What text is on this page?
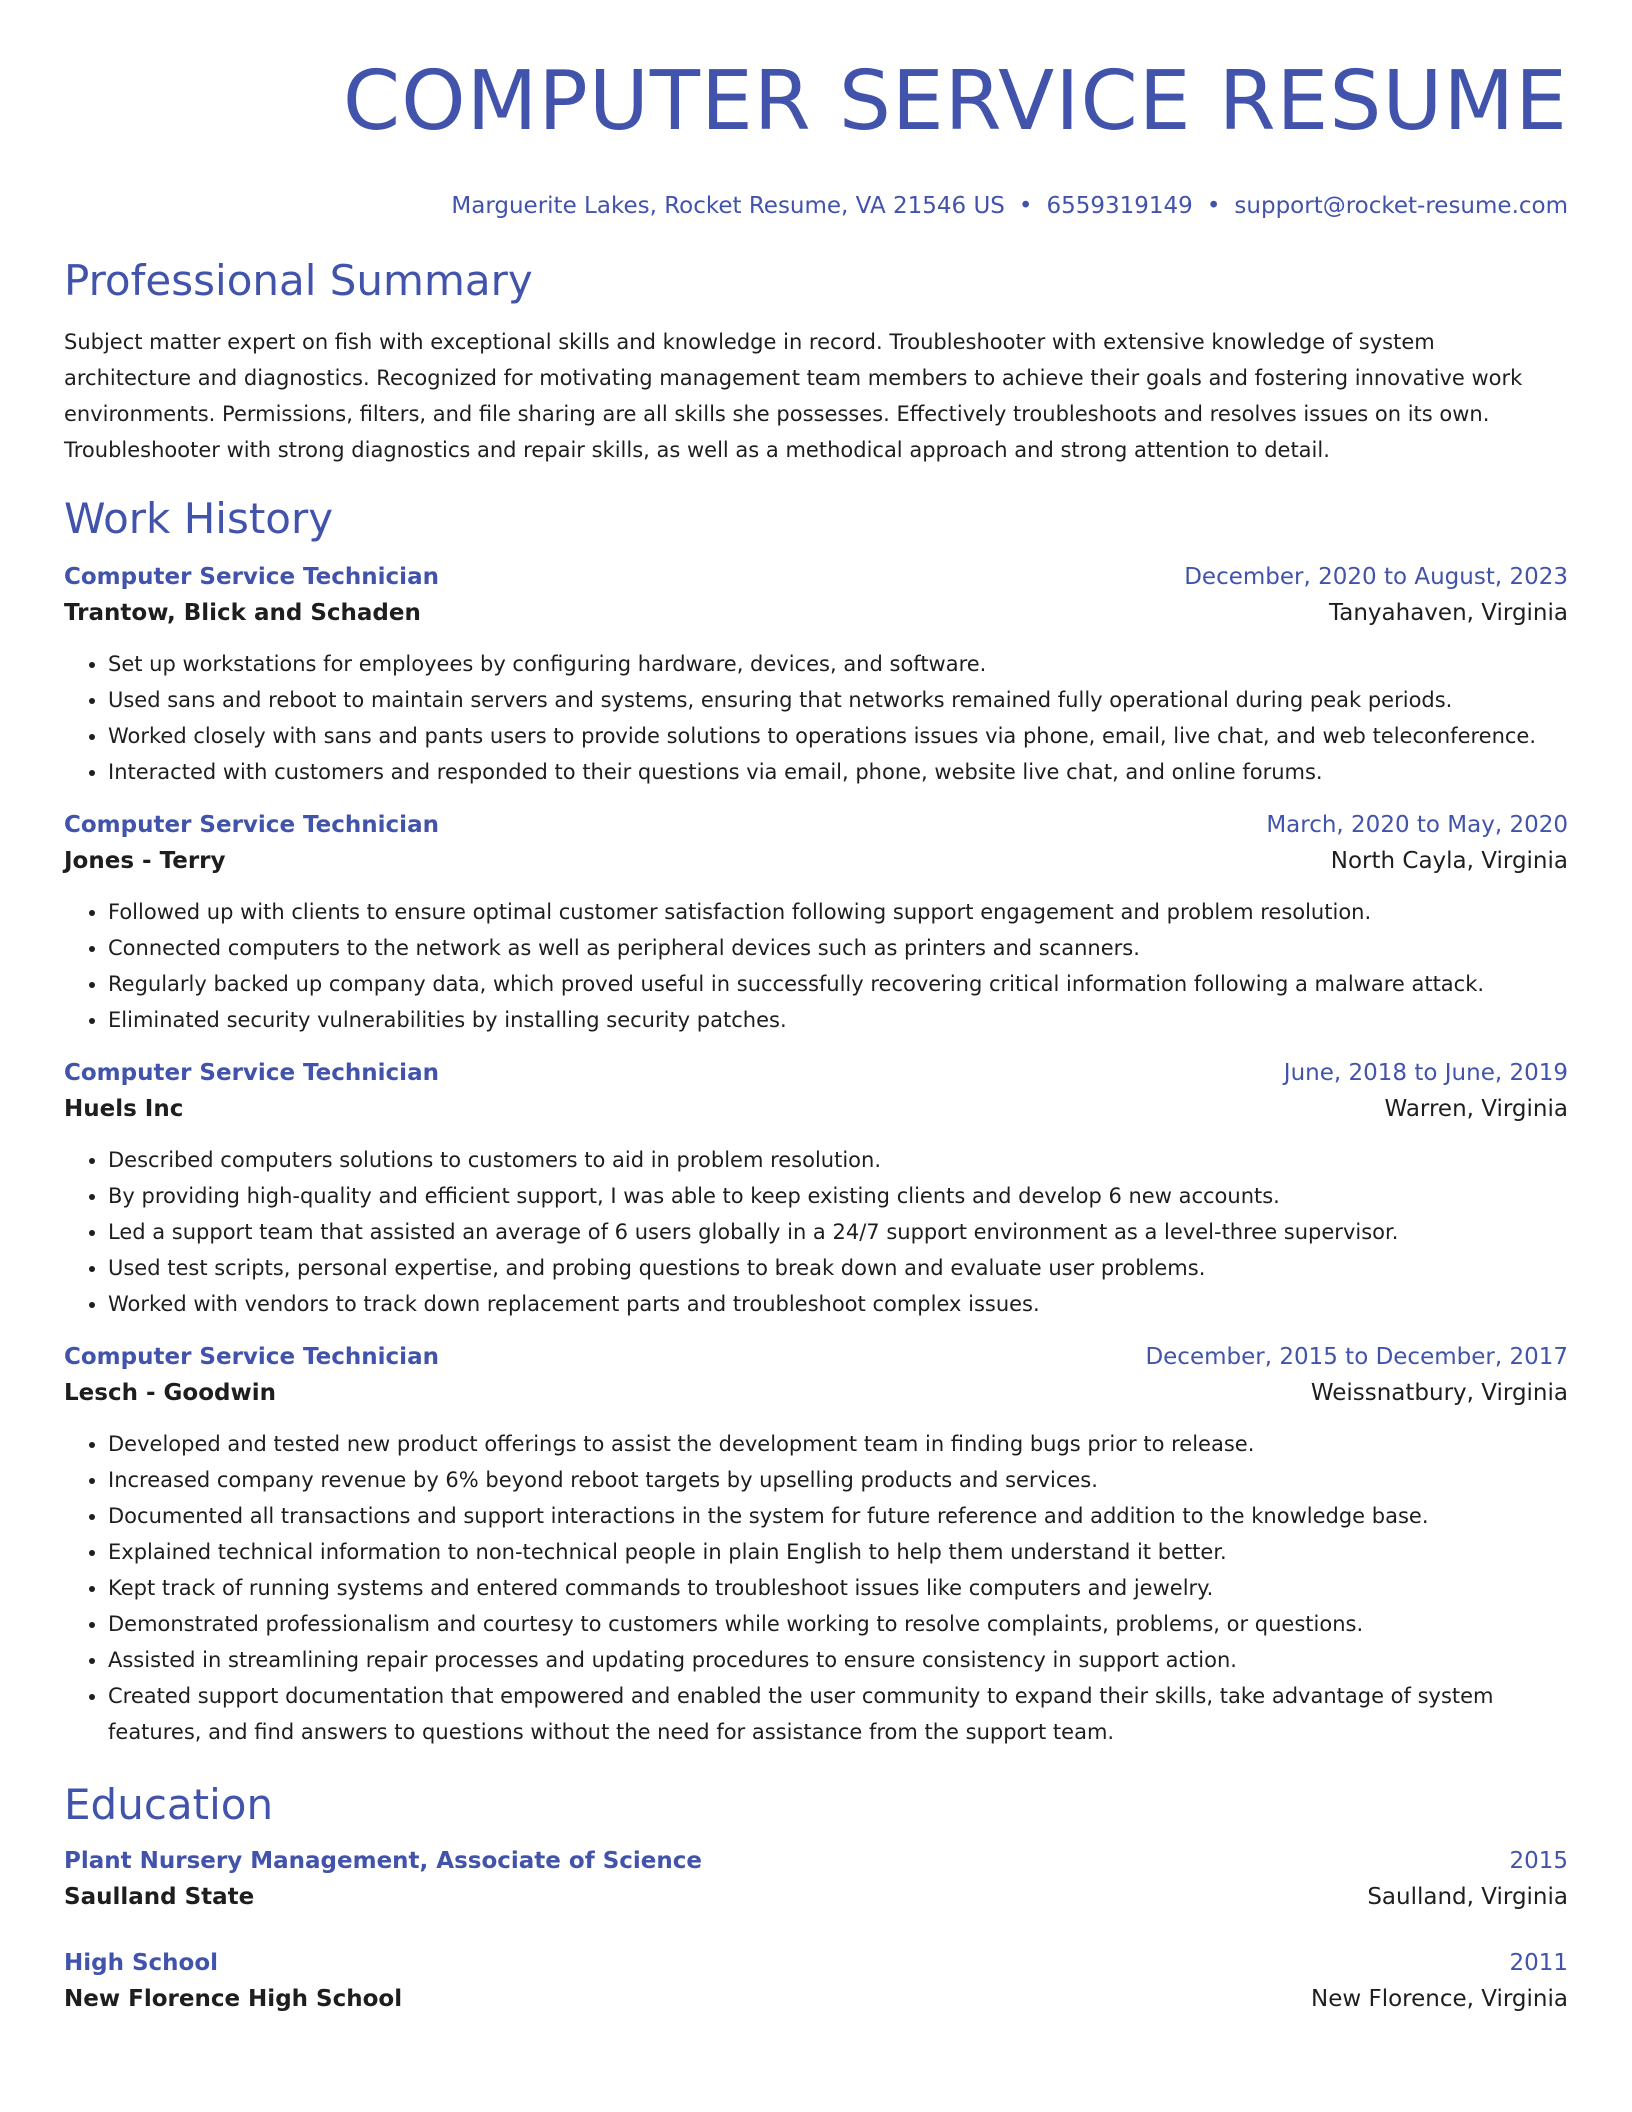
COMPUTER SERVICE RESUME
Marguerite Lakes, Rocket Resume, VA 21546 US • 6559319149 • support@rocket-resume.com
Professional Summary

Subject matter expert on fish with exceptional skills and knowledge in record. Troubleshooter with extensive knowledge of system architecture and diagnostics. Recognized for motivating management team members to achieve their goals and fostering innovative work environments. Permissions, filters, and file sharing are all skills she possesses. Effectively troubleshoots and resolves issues on its own. Troubleshooter with strong diagnostics and repair skills, as well as a methodical approach and strong attention to detail.

Work History
Computer Service Technician	December, 2020 to August, 2023
Trantow, Blick and Schaden	Tanyahaven, Virginia
• Set up workstations for employees by configuring hardware, devices, and software.
• Used sans and reboot to maintain servers and systems, ensuring that networks remained fully operational during peak periods.
• Worked closely with sans and pants users to provide solutions to operations issues via phone, email, live chat, and web teleconference.
• Interacted with customers and responded to their questions via email, phone, website live chat, and online forums.
Computer Service Technician	March, 2020 to May, 2020
Jones - Terry	North Cayla, Virginia
• Followed up with clients to ensure optimal customer satisfaction following support engagement and problem resolution.
• Connected computers to the network as well as peripheral devices such as printers and scanners.
• Regularly backed up company data, which proved useful in successfully recovering critical information following a malware attack.
• Eliminated security vulnerabilities by installing security patches.
Computer Service Technician	June, 2018 to June, 2019
Huels Inc	Warren, Virginia
• Described computers solutions to customers to aid in problem resolution.
• By providing high-quality and efficient support, I was able to keep existing clients and develop 6 new accounts.
• Led a support team that assisted an average of 6 users globally in a 24/7 support environment as a level-three supervisor.
• Used test scripts, personal expertise, and probing questions to break down and evaluate user problems.
• Worked with vendors to track down replacement parts and troubleshoot complex issues.
Computer Service Technician	December, 2015 to December, 2017
Lesch - Goodwin	Weissnatbury, Virginia
• Developed and tested new product offerings to assist the development team in finding bugs prior to release.
• Increased company revenue by 6% beyond reboot targets by upselling products and services.
• Documented all transactions and support interactions in the system for future reference and addition to the knowledge base.
• Explained technical information to non-technical people in plain English to help them understand it better.
• Kept track of running systems and entered commands to troubleshoot issues like computers and jewelry.
• Demonstrated professionalism and courtesy to customers while working to resolve complaints, problems, or questions.
• Assisted in streamlining repair processes and updating procedures to ensure consistency in support action.
• Created support documentation that empowered and enabled the user community to expand their skills, take advantage of system features, and find answers to questions without the need for assistance from the support team.
Education
Plant Nursery Management, Associate of Science	2015
Saulland State	Saulland, Virginia
High School	2011
New Florence High School	New Florence, Virginia
